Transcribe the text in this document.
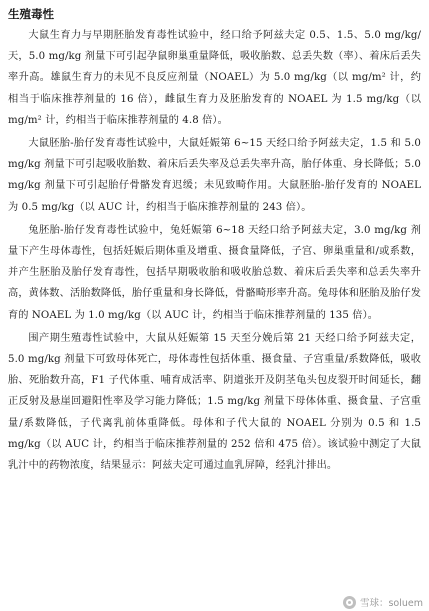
生殖毒性

大鼠生育力与早期胚胎发育毒性试验中，经口给予阿兹夫定 0.5、1.5、5.0 mg/kg/天，5.0 mg/kg 剂量下可引起孕鼠卵巢重量降低，吸收胎数、总丢失数（率）、着床后丢失率升高。雄鼠生育力的未见不良反应剂量（NOAEL）为 5.0 mg/kg（以 mg/m² 计，约相当于临床推荐剂量的 16 倍），雌鼠生育力及胚胎发育的 NOAEL 为 1.5 mg/kg（以 mg/m² 计，约相当于临床推荐剂量的 4.8 倍）。

大鼠胚胎-胎仔发育毒性试验中，大鼠妊娠第 6~15 天经口给予阿兹夫定，1.5 和 5.0 mg/kg 剂量下可引起吸收胎数、着床后丢失率及总丢失率升高，胎仔体重、身长降低；5.0 mg/kg 剂量下可引起胎仔骨骼发育迟缓；未见致畸作用。大鼠胚胎-胎仔发育的 NOAEL 为 0.5 mg/kg（以 AUC 计，约相当于临床推荐剂量的 243 倍）。

兔胚胎-胎仔发育毒性试验中，兔妊娠第 6~18 天经口给予阿兹夫定，3.0 mg/kg 剂量下产生母体毒性，包括妊娠后期体重及增重、摄食量降低，子宫、卵巢重量和/或系数，并产生胚胎及胎仔发育毒性，包括早期吸收胎和吸收胎总数、着床后丢失率和总丢失率升高，黄体数、活胎数降低，胎仔重量和身长降低，骨骼畸形率升高。兔母体和胚胎及胎仔发育的 NOAEL 为 1.0 mg/kg（以 AUC 计，约相当于临床推荐剂量的 135 倍）。

围产期生殖毒性试验中，大鼠从妊娠第 15 天至分娩后第 21 天经口给予阿兹夫定，5.0 mg/kg 剂量下可致母体死亡，母体毒性包括体重、摄食量、子宫重量/系数降低，吸收胎、死胎数升高，F1 子代体重、哺育成活率、阴道张开及阴茎龟头包皮裂开时间延长，翻正反射及悬崖回避阳性率及学习能力降低；1.5 mg/kg 剂量下母体体重、摄食量、子宫重量/系数降低，子代离乳前体重降低。母体和子代大鼠的 NOAEL 分别为 0.5 和 1.5 mg/kg（以 AUC 计，约相当于临床推荐剂量的 252 倍和 475 倍）。该试验中测定了大鼠乳汁中的药物浓度，结果显示：阿兹夫定可通过血乳屏障，经乳汁排出。

雪球：soluem
